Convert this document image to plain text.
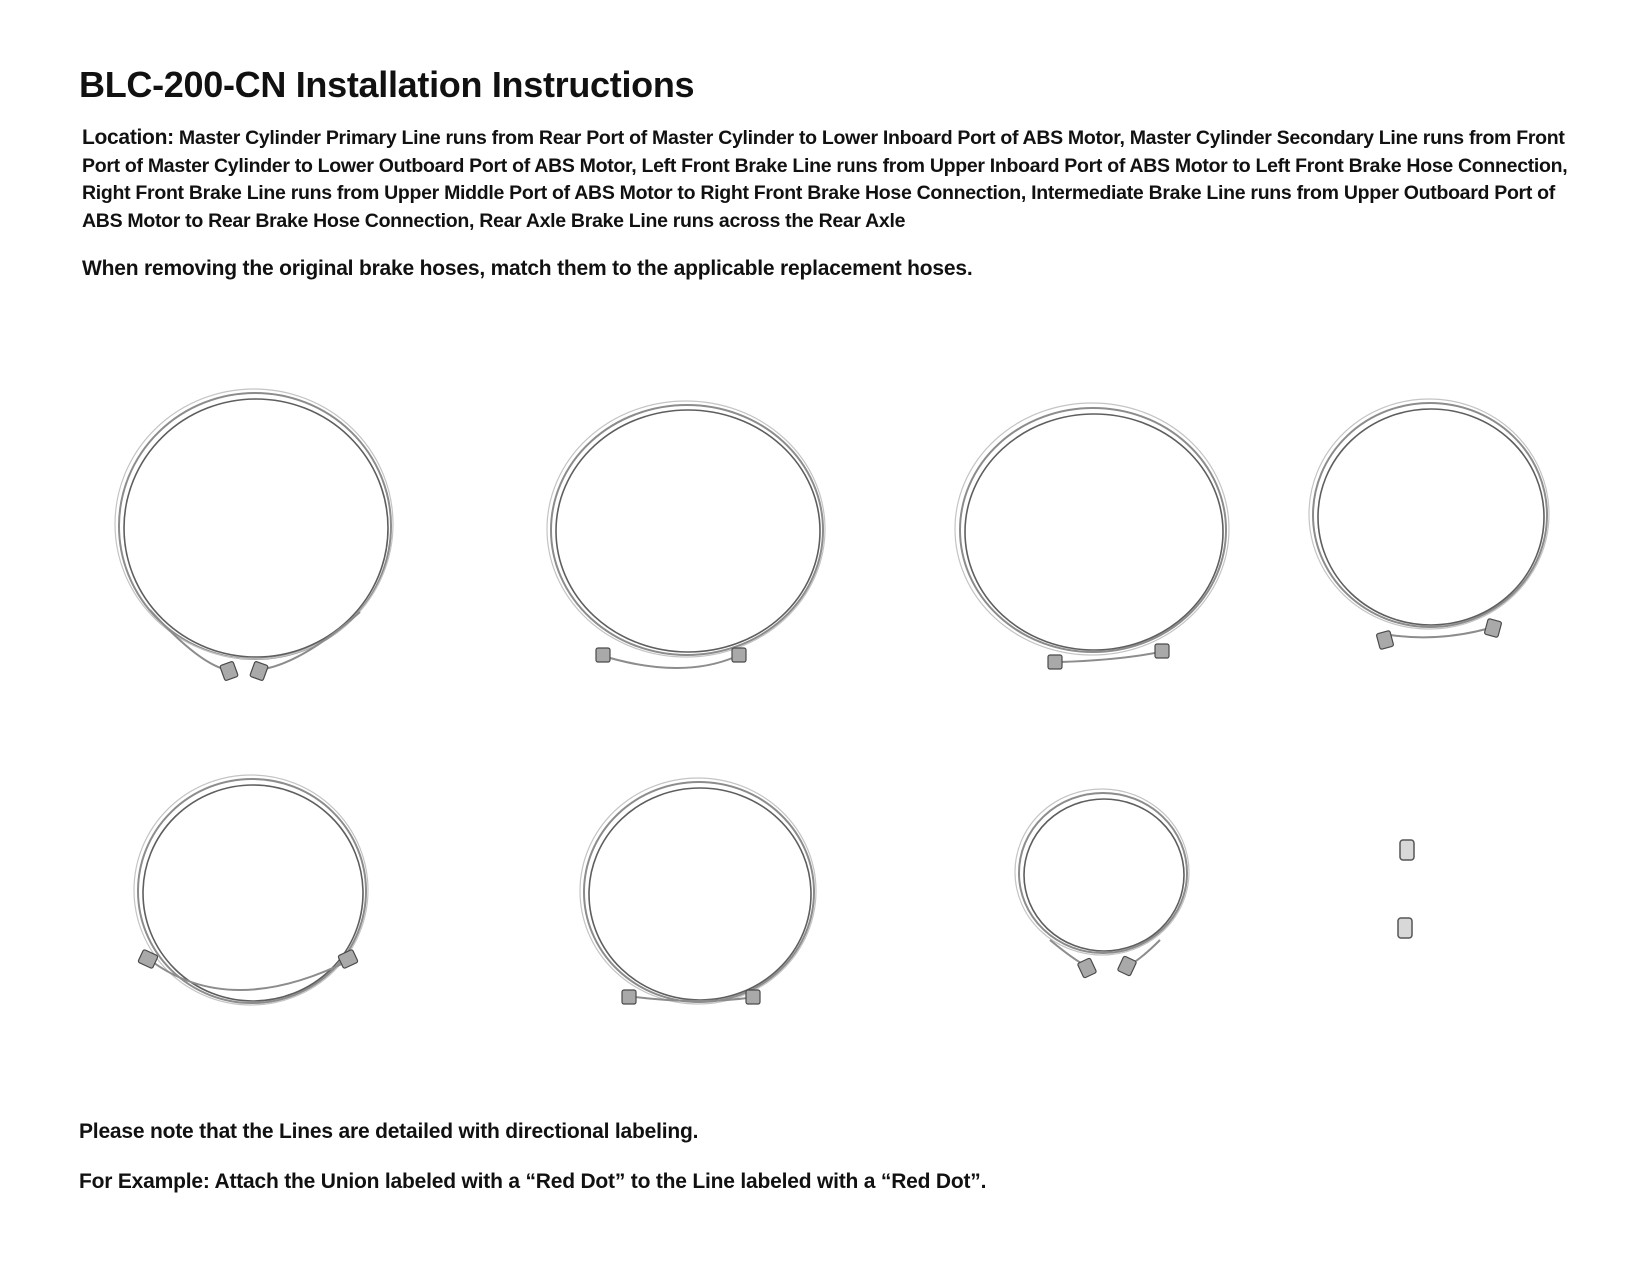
BLC-200-CN Installation Instructions

Location: Master Cylinder Primary Line runs from Rear Port of Master Cylinder to Lower Inboard Port of ABS Motor, Master Cylinder Secondary Line runs from Front Port of Master Cylinder to Lower Outboard Port of ABS Motor, Left Front Brake Line runs from Upper Inboard Port of ABS Motor to Left Front Brake Hose Connection, Right Front Brake Line runs from Upper Middle Port of ABS Motor to Right Front Brake Hose Connection, Intermediate Brake Line runs from Upper Outboard Port of ABS Motor to Rear Brake Hose Connection, Rear Axle Brake Line runs across the Rear Axle

When removing the original brake hoses, match them to the applicable replacement hoses.

Please note that the Lines are detailed with directional labeling.

For Example: Attach the Union labeled with a “Red Dot” to the Line labeled with a “Red Dot”.
